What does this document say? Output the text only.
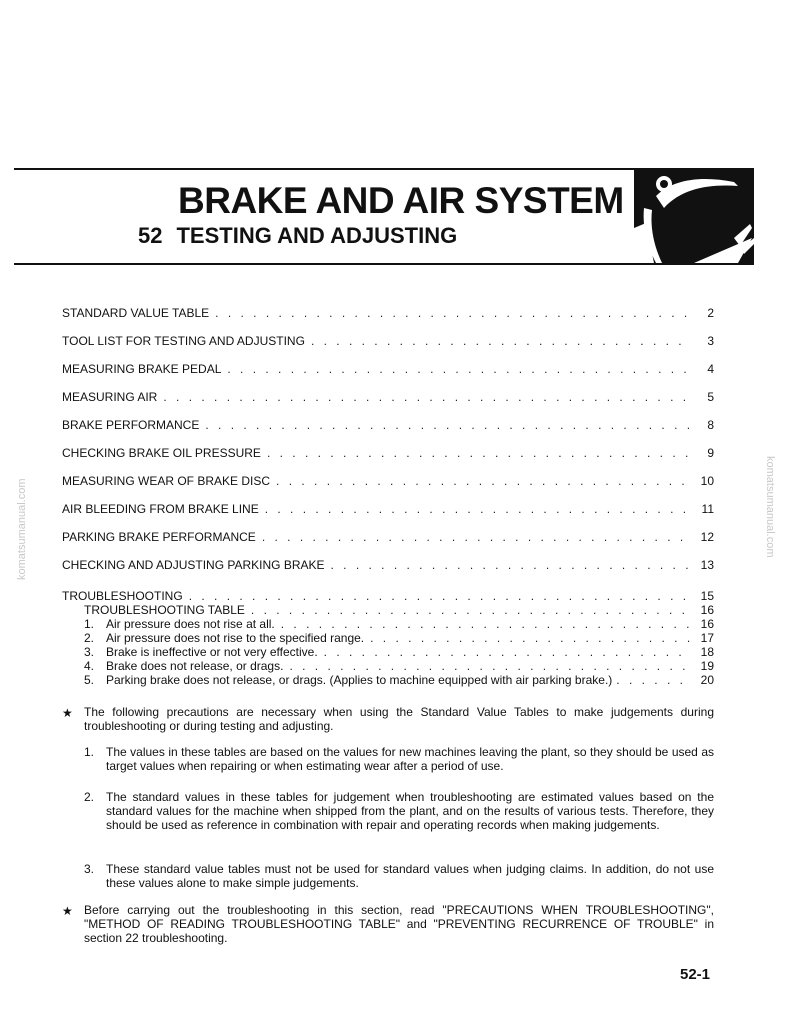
BRAKE AND AIR SYSTEM
52 TESTING AND ADJUSTING
STANDARD VALUE TABLE . . .	2
TOOL LIST FOR TESTING AND ADJUSTING . . .	3
MEASURING BRAKE PEDAL . . .	4
MEASURING AIR . . .	5
BRAKE PERFORMANCE . . .	8
CHECKING BRAKE OIL PRESSURE . . .	9
MEASURING WEAR OF BRAKE DISC . . .	10
AIR BLEEDING FROM BRAKE LINE . . .	11
PARKING BRAKE PERFORMANCE . . .	12
CHECKING AND ADJUSTING PARKING BRAKE . . .	13
TROUBLESHOOTING . . .	15
TROUBLESHOOTING TABLE . . .	16
1. Air pressure does not rise at all. . . .	16
2. Air pressure does not rise to the specified range. . . .	17
3. Brake is ineffective or not very effective. . . .	18
4. Brake does not release, or drags. . . .	19
5. Parking brake does not release, or drags. (Applies to machine equipped with air parking brake.) . . .	20
★ The following precautions are necessary when using the Standard Value Tables to make judgements during troubleshooting or during testing and adjusting.
1. The values in these tables are based on the values for new machines leaving the plant, so they should be used as target values when repairing or when estimating wear after a period of use.
2. The standard values in these tables for judgement when troubleshooting are estimated values based on the standard values for the machine when shipped from the plant, and on the results of various tests. Therefore, they should be used as reference in combination with repair and operating records when making judgements.
3. These standard value tables must not be used for standard values when judging claims. In addition, do not use these values alone to make simple judgements.
★ Before carrying out the troubleshooting in this section, read "PRECAUTIONS WHEN TROUBLESHOOTING", "METHOD OF READING TROUBLESHOOTING TABLE" and "PREVENTING RECURRENCE OF TROUBLE" in section 22 troubleshooting.
52-1
komatsumanual.com	komatsumanual.com
